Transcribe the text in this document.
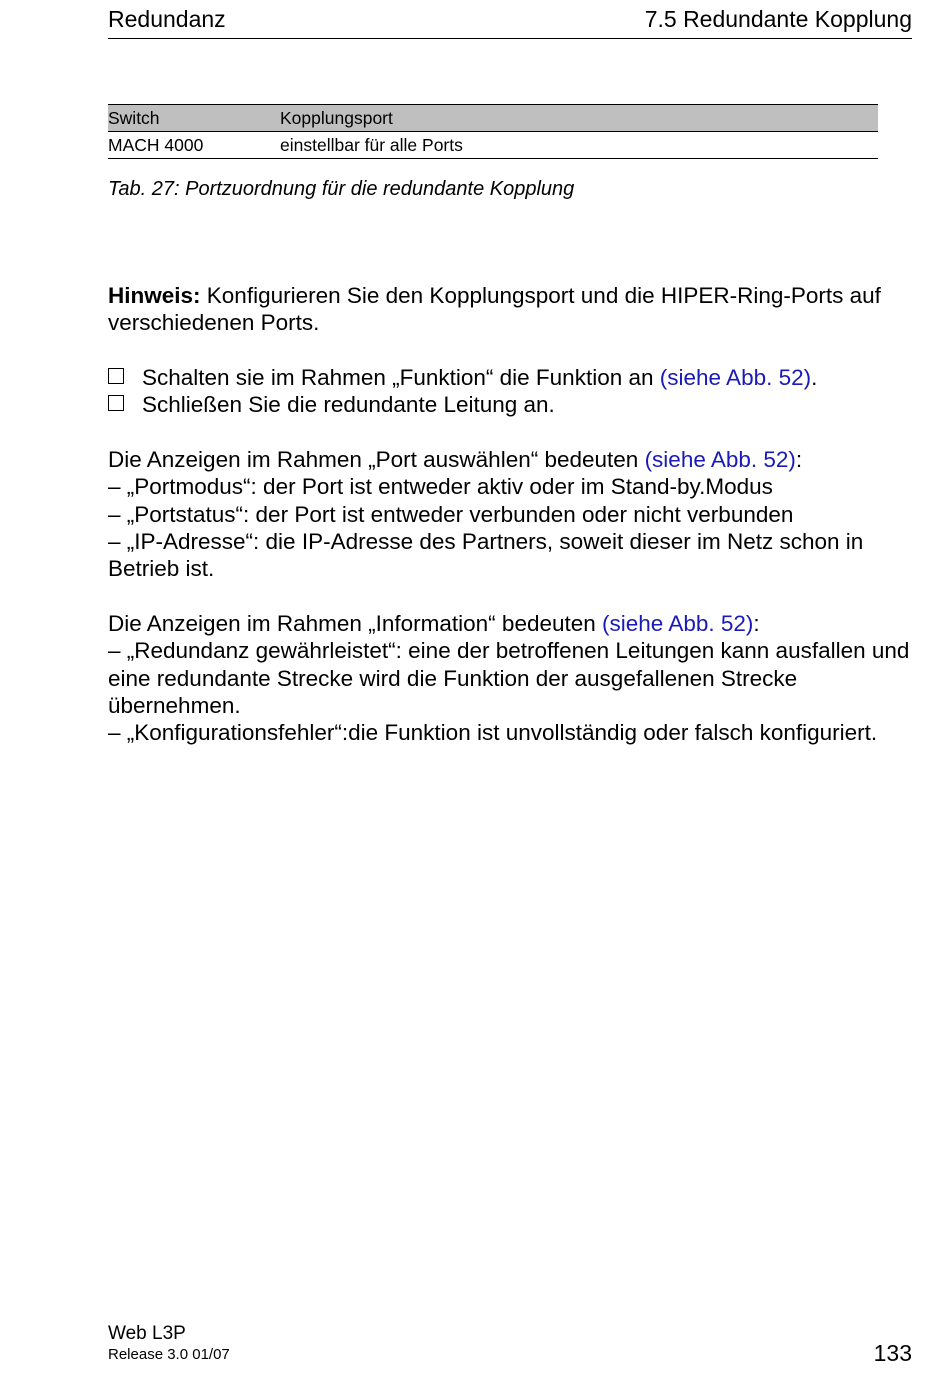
Redundanz	7.5 Redundante Kopplung
Switch	Kopplungsport
MACH 4000	einstellbar für alle Ports
Tab. 27: Portzuordnung für die redundante Kopplung
Hinweis: Konfigurieren Sie den Kopplungsport und die HIPER-Ring-Ports auf verschiedenen Ports.
Schalten sie im Rahmen „Funktion“ die Funktion an (siehe Abb. 52).
Schließen Sie die redundante Leitung an.
Die Anzeigen im Rahmen „Port auswählen“ bedeuten (siehe Abb. 52):
– „Portmodus“: der Port ist entweder aktiv oder im Stand-by.Modus
– „Portstatus“: der Port ist entweder verbunden oder nicht verbunden
– „IP-Adresse“: die IP-Adresse des Partners, soweit dieser im Netz schon in Betrieb ist.
Die Anzeigen im Rahmen „Information“ bedeuten (siehe Abb. 52):
– „Redundanz gewährleistet“: eine der betroffenen Leitungen kann ausfallen und eine redundante Strecke wird die Funktion der ausgefallenen Strecke übernehmen.
– „Konfigurationsfehler“:die Funktion ist unvollständig oder falsch konfiguriert.
Web L3P
Release 3.0 01/07	133
